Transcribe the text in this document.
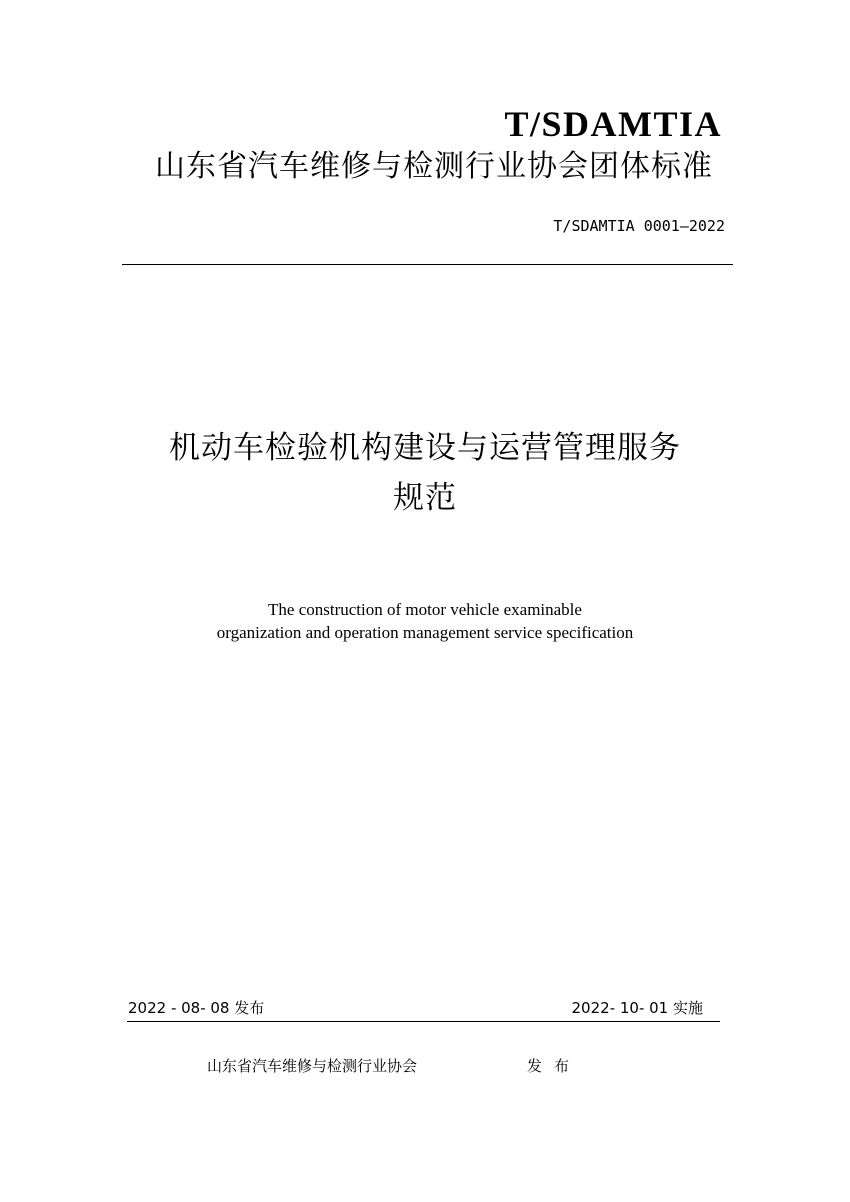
T/SDAMTIA
山东省汽车维修与检测行业协会团体标准
T/SDAMTIA 0001—2022
机动车检验机构建设与运营管理服务
规范
The construction of motor vehicle examinable
organization and operation management service specification
2022 - 08- 08 发布	2022- 10- 01 实施
山东省汽车维修与检测行业协会	发布
